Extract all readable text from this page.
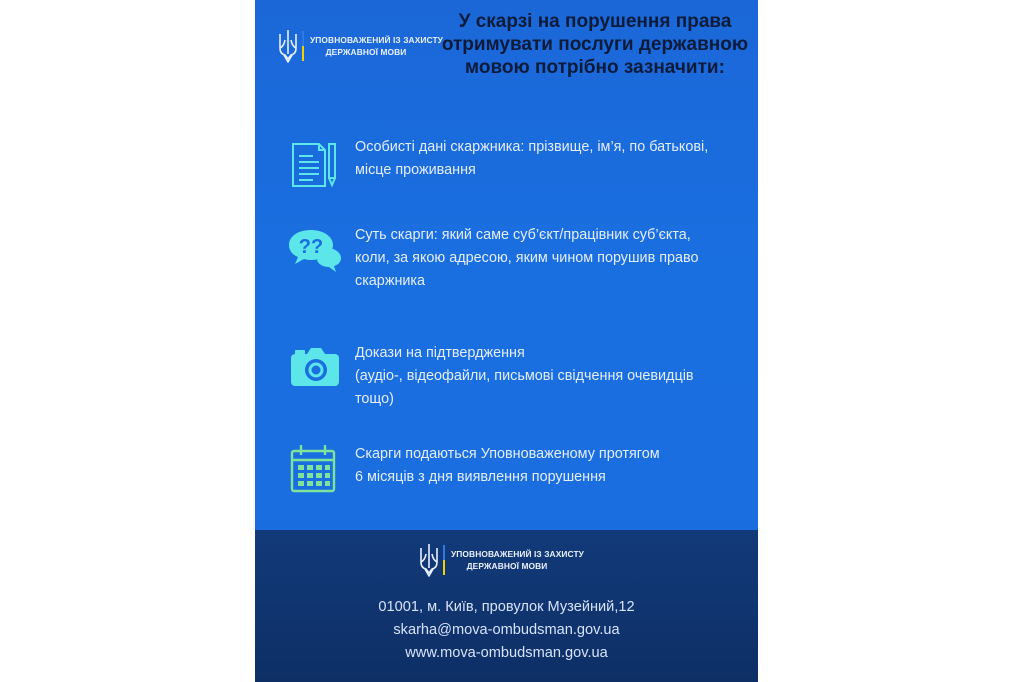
УПОВНОВАЖЕНИЙ ІЗ ЗАХИСТУ
ДЕРЖАВНОЇ МОВИ
У скарзі на порушення права
отримувати послуги державною
мовою потрібно зазначити:
Особисті дані скаржника: прізвище, ім’я, по батькові,
місце проживання
??
Суть скарги: який саме суб’єкт/працівник суб’єкта,
коли, за якою адресою, яким чином порушив право
скаржника
Докази на підтвердження
(аудіо-, відеофайли, письмові свідчення очевидців
тощо)
Скарги подаються Уповноваженому протягом
6 місяців з дня виявлення порушення
УПОВНОВАЖЕНИЙ ІЗ ЗАХИСТУ
ДЕРЖАВНОЇ МОВИ
01001, м. Київ, провулок Музейний,12
skarha@mova-ombudsman.gov.ua
www.mova-ombudsman.gov.ua
